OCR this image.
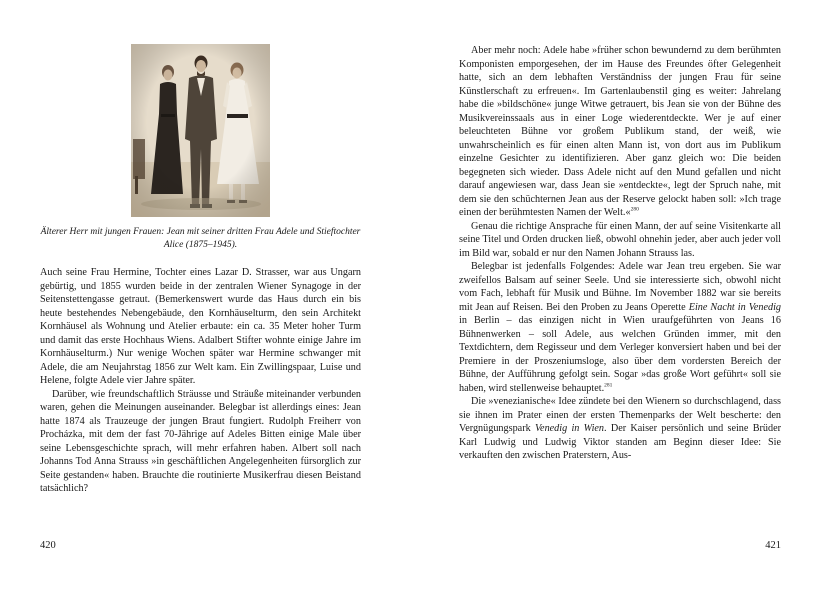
Älterer Herr mit jungen Frauen: Jean mit seiner dritten Frau Adele und Stieftochter Alice (1875–1945).

Auch seine Frau Hermine, Tochter eines Lazar D. Strasser, war aus Ungarn gebürtig, und 1855 wurden beide in der zentralen Wiener Synagoge in der Seitenstettengasse getraut. (Bemerkenswert wurde das Haus durch ein bis heute bestehendes Nebengebäude, den Kornhäuselturm, den sein Architekt Kornhäusel als Wohnung und Atelier erbaute: ein ca. 35 Meter hoher Turm und damit das erste Hochhaus Wiens. Adalbert Stifter wohnte einige Jahre im Kornhäuselturm.) Nur wenige Wochen später war Hermine schwanger mit Adele, die am Neujahrstag 1856 zur Welt kam. Ein Zwillingspaar, Luise und Helene, folgte Adele vier Jahre später.

Darüber, wie freundschaftlich Sträusse und Sträuße miteinander verbunden waren, gehen die Meinungen auseinander. Belegbar ist allerdings eines: Jean hatte 1874 als Trauzeuge der jungen Braut fungiert. Rudolph Freiherr von Procházka, mit dem der fast 70-Jährige auf Adeles Bitten einige Male über seine Lebensgeschichte sprach, will mehr erfahren haben. Albert soll nach Johanns Tod Anna Strauss »in geschäftlichen Angelegenheiten fürsorglich zur Seite gestanden« haben. Brauchte die routinierte Musikerfrau diesen Beistand tatsächlich?

420

Aber mehr noch: Adele habe »früher schon bewundernd zu dem berühmten Komponisten emporgesehen, der im Hause des Freundes öfter Gelegenheit hatte, sich an dem lebhaften Verständniss der jungen Frau für seine Künstlerschaft zu erfreuen«. Im Gartenlaubenstil ging es weiter: Jahrelang habe die »bildschöne« junge Witwe getrauert, bis Jean sie von der Bühne des Musikvereinssaals aus in einer Loge wiederentdeckte. Wer je auf einer beleuchteten Bühne vor großem Publikum stand, der weiß, wie unwahrscheinlich es für einen alten Mann ist, von dort aus im Publikum einzelne Gesichter zu identifizieren. Aber ganz gleich wo: Die beiden begegneten sich wieder. Dass Adele nicht auf den Mund gefallen und nicht darauf angewiesen war, dass Jean sie »entdeckte«, legt der Spruch nahe, mit dem sie den schüchternen Jean aus der Reserve gelockt haben soll: »Ich trage einen der berühmtesten Namen der Welt.«$^{280}$

Genau die richtige Ansprache für einen Mann, der auf seine Visitenkarte all seine Titel und Orden drucken ließ, obwohl ohnehin jeder, aber auch jeder voll im Bild war, sobald er nur den Namen Johann Strauss las.

Belegbar ist jedenfalls Folgendes: Adele war Jean treu ergeben. Sie war zweifellos Balsam auf seiner Seele. Und sie interessierte sich, obwohl nicht vom Fach, lebhaft für Musik und Bühne. Im November 1882 war sie bereits mit Jean auf Reisen. Bei den Proben zu Jeans Operette Eine Nacht in Venedig in Berlin – das einzigen nicht in Wien uraufgeführten von Jeans 16 Bühnenwerken – soll Adele, aus welchen Gründen immer, mit den Textdichtern, dem Regisseur und dem Verleger konversiert haben und bei der Premiere in der Proszeniumsloge, also über dem vordersten Bereich der Bühne, der Aufführung gefolgt sein. Sogar »das große Wort geführt« soll sie haben, wird stellenweise behauptet.$^{281}$

Die »venezianische« Idee zündete bei den Wienern so durchschlagend, dass sie ihnen im Prater einen der ersten Themenparks der Welt bescherte: den Vergnügungspark Venedig in Wien. Der Kaiser persönlich und seine Brüder Karl Ludwig und Ludwig Viktor standen am Beginn dieser Idee: Sie verkauften den zwischen Praterstern, Aus-

421
